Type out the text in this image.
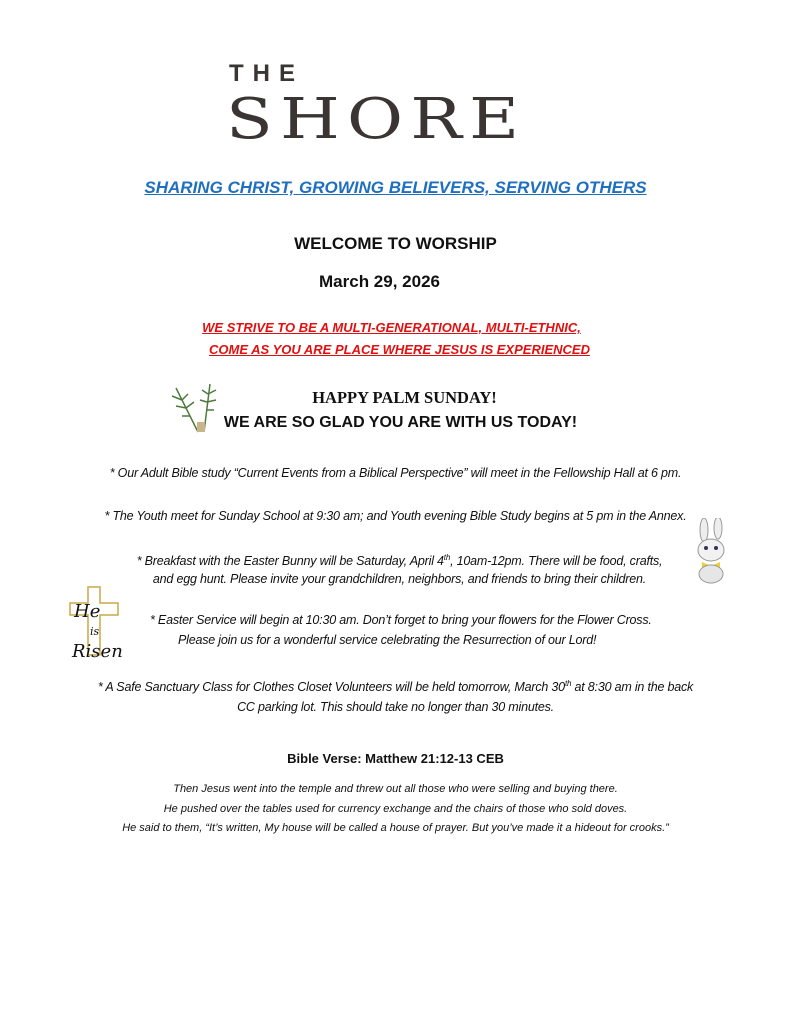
THE
SHORE
SHARING CHRIST, GROWING BELIEVERS, SERVING OTHERS
WELCOME TO WORSHIP
March 29, 2026
WE STRIVE TO BE A MULTI-GENERATIONAL, MULTI-ETHNIC,
COME AS YOU ARE PLACE WHERE JESUS IS EXPERIENCED
HAPPY PALM SUNDAY!
WE ARE SO GLAD YOU ARE WITH US TODAY!
* Our Adult Bible study “Current Events from a Biblical Perspective” will meet in the Fellowship Hall at 6 pm.
* The Youth meet for Sunday School at 9:30 am; and Youth evening Bible Study begins at 5 pm in the Annex.
* Breakfast with the Easter Bunny will be Saturday, April 4th, 10am-12pm. There will be food, crafts,
and egg hunt. Please invite your grandchildren, neighbors, and friends to bring their children.
He
is
Risen
* Easter Service will begin at 10:30 am. Don’t forget to bring your flowers for the Flower Cross.
Please join us for a wonderful service celebrating the Resurrection of our Lord!
* A Safe Sanctuary Class for Clothes Closet Volunteers will be held tomorrow, March 30th at 8:30 am in the back
CC parking lot. This should take no longer than 30 minutes.
Bible Verse: Matthew 21:12-13 CEB
Then Jesus went into the temple and threw out all those who were selling and buying there.
He pushed over the tables used for currency exchange and the chairs of those who sold doves.
He said to them, “It’s written, My house will be called a house of prayer. But you’ve made it a hideout for crooks.”
